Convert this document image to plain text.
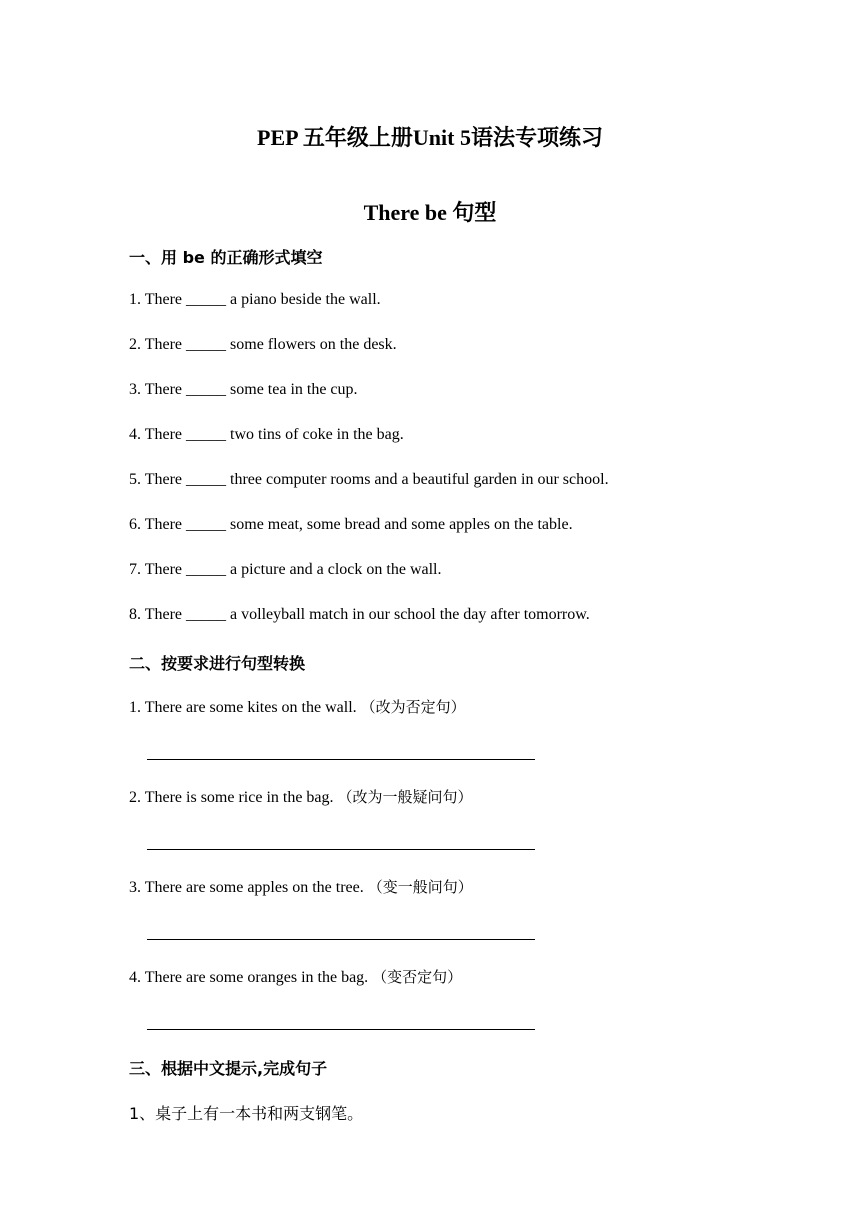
PEP 五年级上册Unit 5语法专项练习
There be 句型
一、用 be 的正确形式填空
1. There _____ a piano beside the wall.
2. There _____ some flowers on the desk.
3. There _____ some tea in the cup.
4. There _____ two tins of coke in the bag.
5. There _____ three computer rooms and a beautiful garden in our school.
6. There _____ some meat, some bread and some apples on the table.
7. There _____ a picture and a clock on the wall.
8. There _____ a volleyball match in our school the day after tomorrow.
二、按要求进行句型转换
1. There are some kites on the wall. （改为否定句）
2. There is some rice in the bag. （改为一般疑问句）
3. There are some apples on the tree. （变一般问句）
4. There are some oranges in the bag. （变否定句）
三、根据中文提示,完成句子
1、桌子上有一本书和两支钢笔。
